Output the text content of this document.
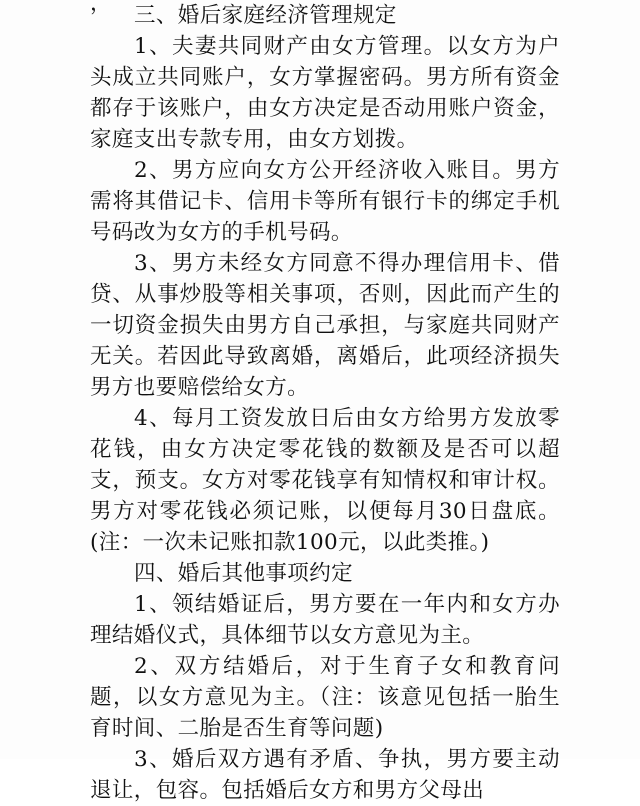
，	三、婚后家庭经济管理规定

1、夫妻共同财产由女方管理。以女方为户头成立共同账户，女方掌握密码。男方所有资金都存于该账户，由女方决定是否动用账户资金，家庭支出专款专用，由女方划拨。

2、男方应向女方公开经济收入账目。男方需将其借记卡、信用卡等所有银行卡的绑定手机号码改为女方的手机号码。

3、男方未经女方同意不得办理信用卡、借贷、从事炒股等相关事项，否则，因此而产生的一切资金损失由男方自己承担，与家庭共同财产无关。若因此导致离婚，离婚后，此项经济损失男方也要赔偿给女方。

4、每月工资发放日后由女方给男方发放零花钱，由女方决定零花钱的数额及是否可以超支，预支。女方对零花钱享有知情权和审计权。男方对零花钱必须记账，以便每月30日盘底。(注：一次未记账扣款100元，以此类推。)

四、婚后其他事项约定

1、领结婚证后，男方要在一年内和女方办理结婚仪式，具体细节以女方意见为主。

2、双方结婚后，对于生育子女和教育问题，以女方意见为主。（注：该意见包括一胎生育时间、二胎是否生育等问题)

3、婚后双方遇有矛盾、争执，男方要主动退让，包容。包括婚后女方和男方父母出
